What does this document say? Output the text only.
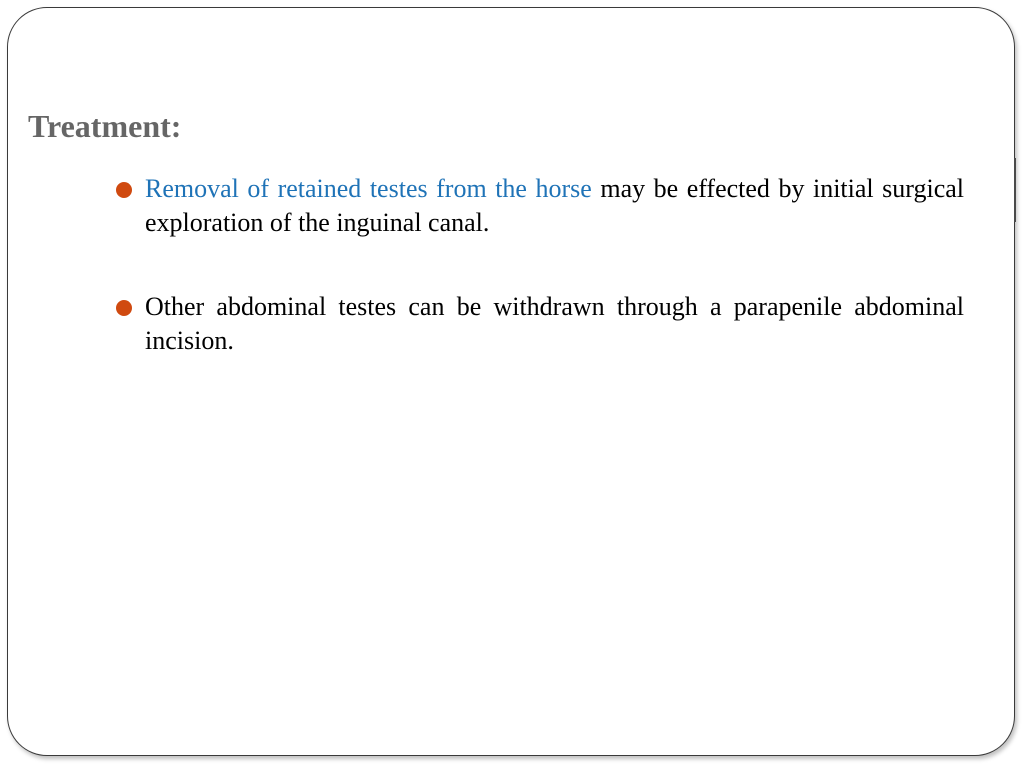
Treatment:
Removal of retained testes from the horse may be effected by initial surgical exploration of the inguinal canal.
Other abdominal testes can be withdrawn through a parapenile abdominal incision.
